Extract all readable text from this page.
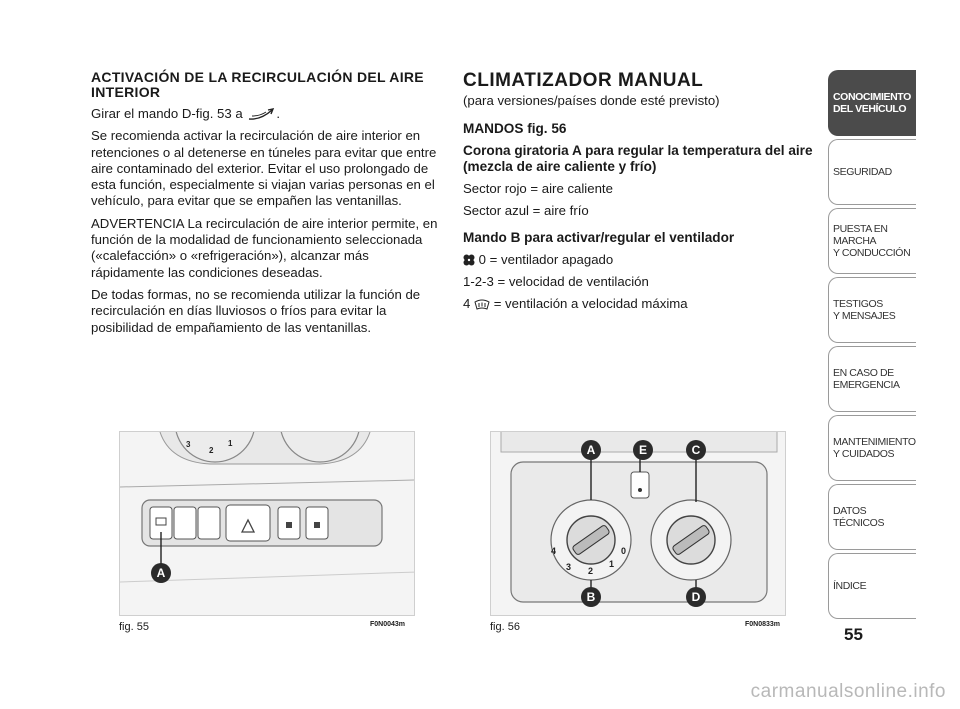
ACTIVACIÓN DE LA RECIRCULACIÓN DEL AIRE INTERIOR
Girar el mando D-fig. 53 a	.
Se recomienda activar la recirculación de aire interior en retenciones o al detenerse en túneles para evitar que entre aire contaminado del exterior. Evitar el uso prolongado de esta función, especialmente si viajan varias personas en el vehículo, para evitar que se empañen las ventanillas.
ADVERTENCIA La recirculación de aire interior permite, en función de la modalidad de funcionamiento seleccionada («calefacción» o «refrigeración»), alcanzar más rápidamente las condiciones deseadas.
De todas formas, no se recomienda utilizar la función de recirculación en días lluviosos o fríos para evitar la posibilidad de empañamiento de las ventanillas.
CLIMATIZADOR MANUAL
(para versiones/países donde esté previsto)
MANDOS fig. 56
Corona giratoria A para regular la temperatura del aire (mezcla de aire caliente y frío)
Sector rojo = aire caliente
Sector azul = aire frío
Mando B para activar/regular el ventilador
0 = ventilador apagado
1-2-3 = velocidad de ventilación
4 = ventilación a velocidad máxima
CONOCIMIENTO
DEL VEHÍCULO
SEGURIDAD
PUESTA EN
MARCHA
Y CONDUCCIÓN
TESTIGOS
Y MENSAJES
EN CASO DE
EMERGENCIA
MANTENIMIENTO
Y CUIDADOS
DATOS
TÉCNICOS
ÍNDICE
55
3
2
1
A
fig. 55	F0N0043m
4
3 2
1
0
A	E	C
B	D
fig. 56	F0N0833m
carmanualsonline.info
